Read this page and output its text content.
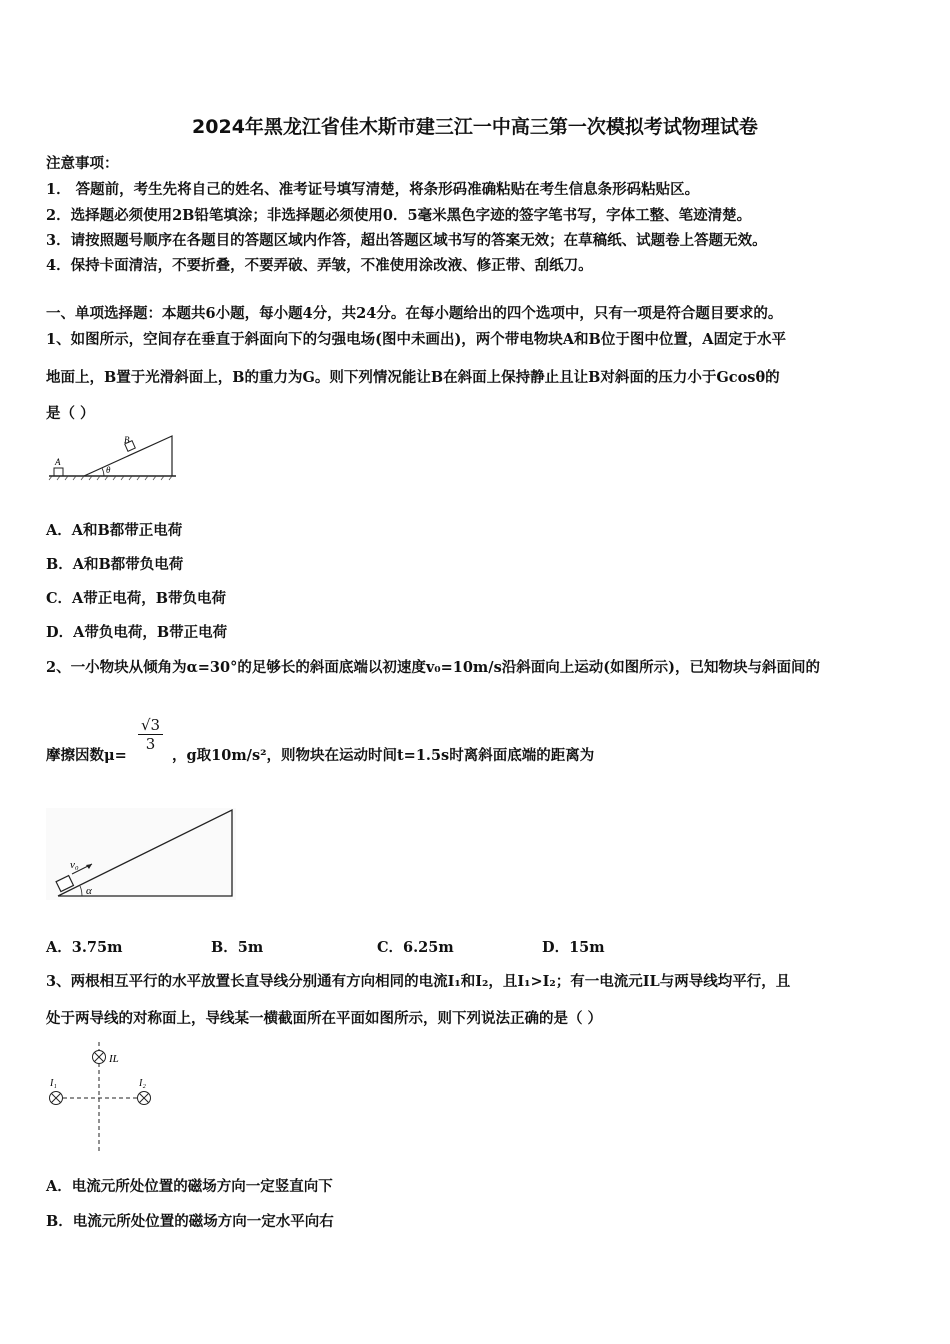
2024年黑龙江省佳木斯市建三江一中高三第一次模拟考试物理试卷
注意事项：
1． 答题前，考生先将自己的姓名、准考证号填写清楚，将条形码准确粘贴在考生信息条形码粘贴区。
2．选择题必须使用2B铅笔填涂；非选择题必须使用0．5毫米黑色字迹的签字笔书写，字体工整、笔迹清楚。
3．请按照题号顺序在各题目的答题区域内作答，超出答题区域书写的答案无效；在草稿纸、试题卷上答题无效。
4．保持卡面清洁，不要折叠，不要弄破、弄皱，不准使用涂改液、修正带、刮纸刀。
一、单项选择题：本题共6小题，每小题4分，共24分。在每小题给出的四个选项中，只有一项是符合题目要求的。
1、如图所示，空间存在垂直于斜面向下的匀强电场(图中未画出)，两个带电物块A和B位于图中位置，A固定于水平
地面上，B置于光滑斜面上，B的重力为G。则下列情况能让B在斜面上保持静止且让B对斜面的压力小于Gcosθ的
是（ ）
A
B
θ
A．A和B都带正电荷
B．A和B都带负电荷
C．A带正电荷，B带负电荷
D．A带负电荷，B带正电荷
2、一小物块从倾角为α=30°的足够长的斜面底端以初速度v₀=10m/s沿斜面向上运动(如图所示)，已知物块与斜面间的
摩擦因数μ=
$\frac{√3}{3}$
，g取10m/s²，则物块在运动时间t=1.5s时离斜面底端的距离为
v₀
α
A．3.75m	B．5m	C．6.25m	D．15m
3、两根相互平行的水平放置长直导线分别通有方向相同的电流I₁和I₂，且I₁>I₂；有一电流元IL与两导线均平行，且
处于两导线的对称面上，导线某一横截面所在平面如图所示，则下列说法正确的是（ ）
IL
I₁	I₂
A．电流元所处位置的磁场方向一定竖直向下
B．电流元所处位置的磁场方向一定水平向右
